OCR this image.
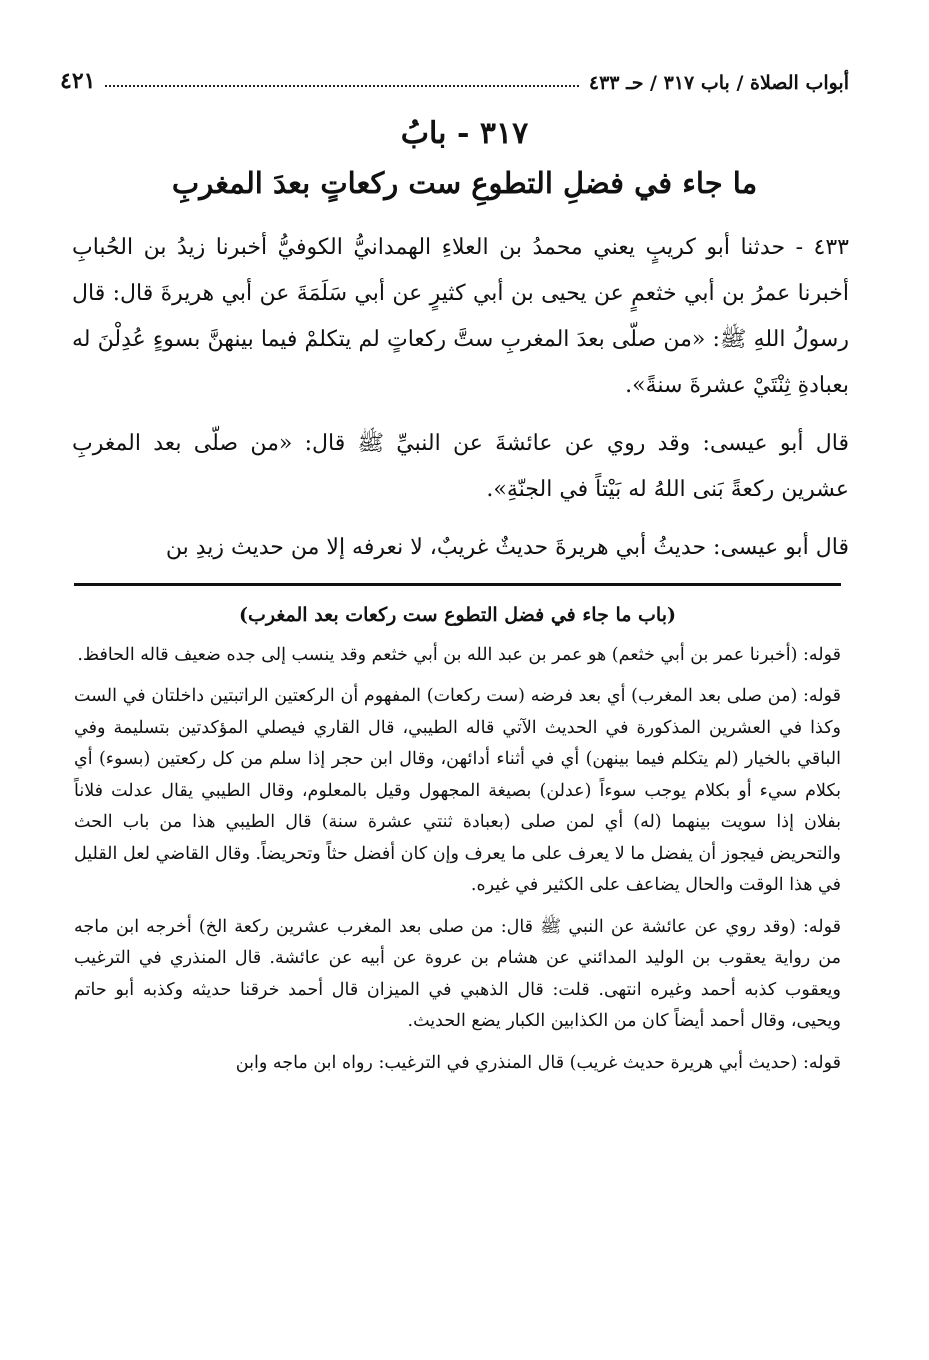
أبواب الصلاة / باب ٣١٧ / حـ ٤٣٣
٤٢١
٣١٧ - بابُ
ما جاء في فضلِ التطوعِ ست ركعاتٍ بعدَ المغربِ

٤٣٣ - حدثنا أبو كريبٍ يعني محمدُ بن العلاءِ الهمدانيُّ الكوفيُّ أخبرنا زيدُ بن الحُبابِ أخبرنا عمرُ بن أبي خثعمٍ عن يحيى بن أبي كثيرٍ عن أبي سَلَمَةَ عن أبي هريرةَ قال: قال رسولُ اللهِ ﷺ: «من صلّى بعدَ المغربِ ستَّ ركعاتٍ لم يتكلمْ فيما بينهنَّ بسوءٍ عُدِلْنَ له بعبادةِ ثِنْتَيْ عشرةَ سنةً».

قال أبو عيسى: وقد روي عن عائشةَ عن النبيِّ ﷺ قال: «من صلّى بعد المغربِ عشرين ركعةً بَنى اللهُ له بَيْتاً في الجنّةِ».

قال أبو عيسى: حديثُ أبي هريرةَ حديثٌ غريبٌ، لا نعرفه إلا من حديث زيدِ بن

(باب ما جاء في فضل التطوع ست ركعات بعد المغرب)

قوله: (أخبرنا عمر بن أبي خثعم) هو عمر بن عبد الله بن أبي خثعم وقد ينسب إلى جده ضعيف قاله الحافظ.

قوله: (من صلى بعد المغرب) أي بعد فرضه (ست ركعات) المفهوم أن الركعتين الراتبتين داخلتان في الست وكذا في العشرين المذكورة في الحديث الآتي قاله الطيبي، قال القاري فيصلي المؤكدتين بتسليمة وفي الباقي بالخيار (لم يتكلم فيما بينهن) أي في أثناء أدائهن، وقال ابن حجر إذا سلم من كل ركعتين (بسوء) أي بكلام سيء أو بكلام يوجب سوءاً (عدلن) بصيغة المجهول وقيل بالمعلوم، وقال الطيبي يقال عدلت فلاناً بفلان إذا سويت بينهما (له) أي لمن صلى (بعبادة ثنتي عشرة سنة) قال الطيبي هذا من باب الحث والتحريض فيجوز أن يفضل ما لا يعرف على ما يعرف وإن كان أفضل حثاً وتحريضاً. وقال القاضي لعل القليل في هذا الوقت والحال يضاعف على الكثير في غيره.

قوله: (وقد روي عن عائشة عن النبي ﷺ قال: من صلى بعد المغرب عشرين ركعة الخ) أخرجه ابن ماجه من رواية يعقوب بن الوليد المدائني عن هشام بن عروة عن أبيه عن عائشة. قال المنذري في الترغيب ويعقوب كذبه أحمد وغيره انتهى. قلت: قال الذهبي في الميزان قال أحمد خرقنا حديثه وكذبه أبو حاتم ويحيى، وقال أحمد أيضاً كان من الكذابين الكبار يضع الحديث.

قوله: (حديث أبي هريرة حديث غريب) قال المنذري في الترغيب: رواه ابن ماجه وابن
